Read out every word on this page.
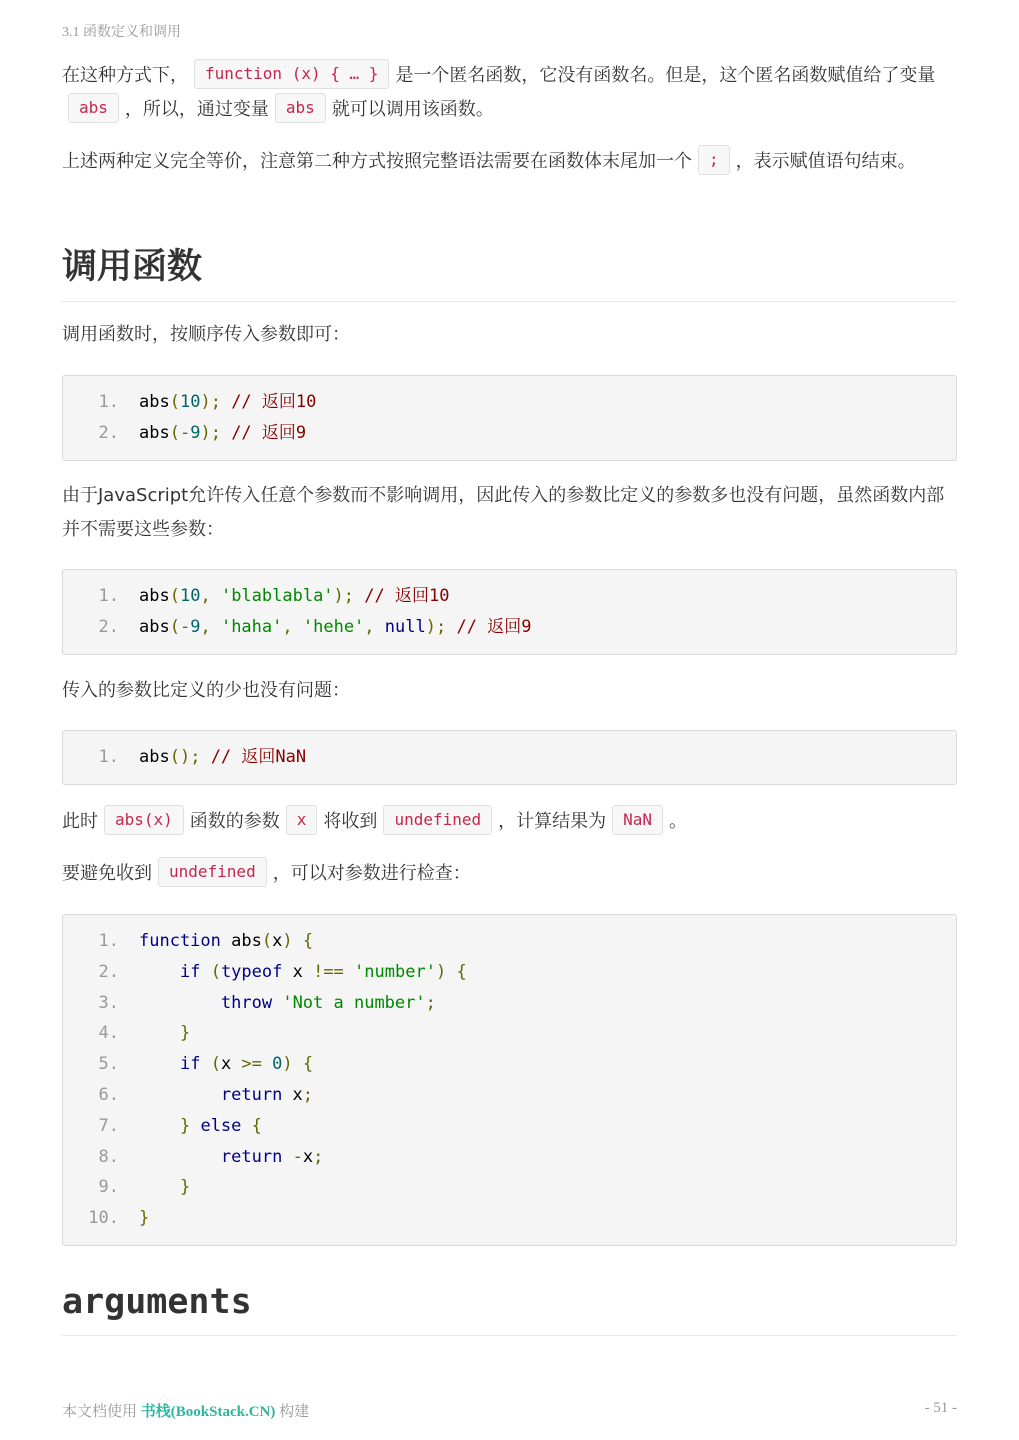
3.1 函数定义和调用

在这种方式下， function (x) { … } 是一个匿名函数，它没有函数名。但是，这个匿名函数赋值给了变量abs ，所以，通过变量 abs 就可以调用该函数。

上述两种定义完全等价，注意第二种方式按照完整语法需要在函数体末尾加一个 ; ，表示赋值语句结束。

调用函数

调用函数时，按顺序传入参数即可：

1.	abs(10); // 返回10
2.	abs(-9); // 返回9

由于JavaScript允许传入任意个参数而不影响调用，因此传入的参数比定义的参数多也没有问题，虽然函数内部并不需要这些参数：

1.	abs(10, 'blablabla'); // 返回10
2.	abs(-9, 'haha', 'hehe', null); // 返回9

传入的参数比定义的少也没有问题：

1.	abs(); // 返回NaN

此时 abs(x) 函数的参数 x 将收到 undefined ，计算结果为 NaN 。

要避免收到 undefined ，可以对参数进行检查：

1.	function abs(x) {
2.	if (typeof x !== 'number') {
3.	throw 'Not a number';
4.	}
5.	if (x >= 0) {
6.	return x;
7.	} else {
8.	return -x;
9.	}
10.	}
arguments
本文档使用 书栈(BookStack.CN) 构建	- 51 -
